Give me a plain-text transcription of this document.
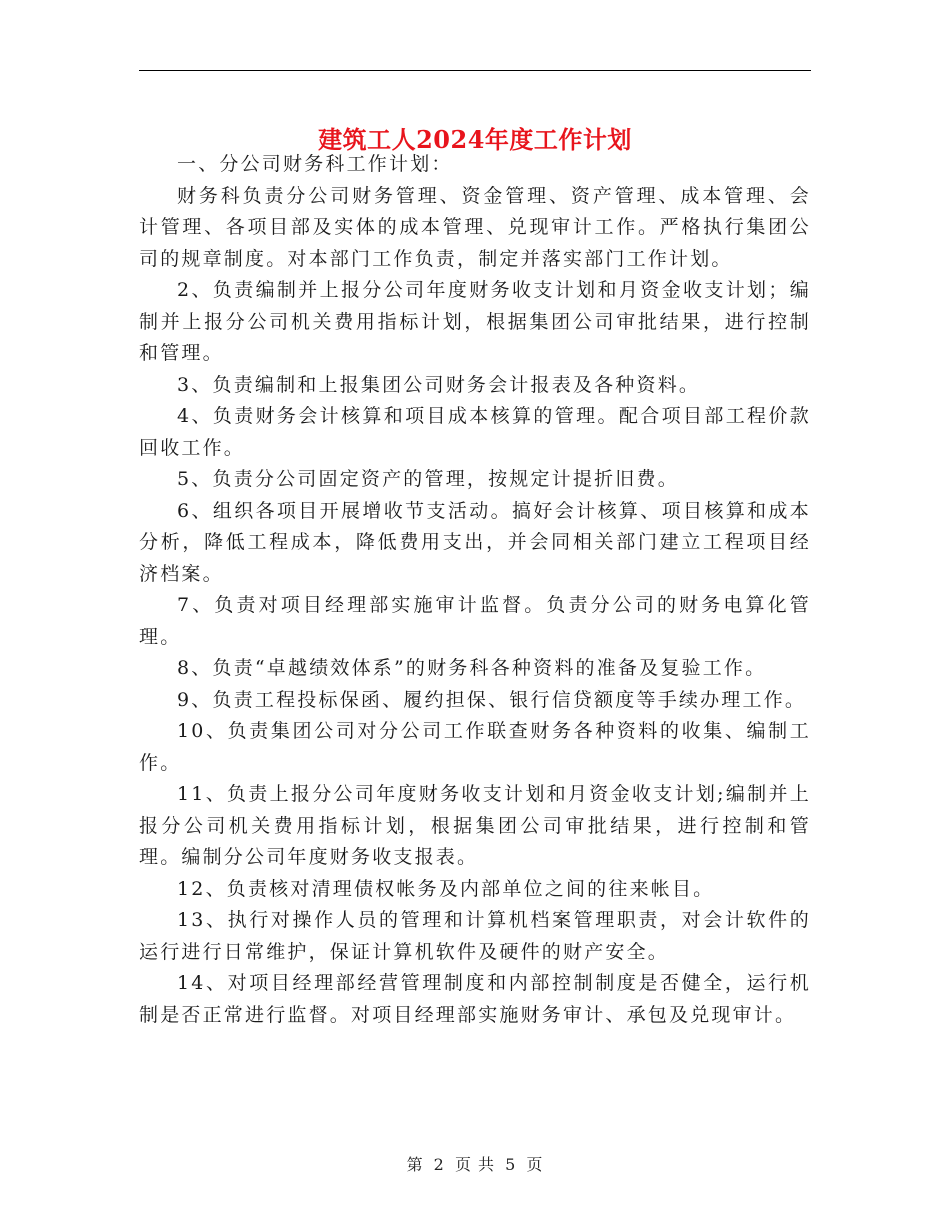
建筑工人2024年度工作计划

一、分公司财务科工作计划：

财务科负责分公司财务管理、资金管理、资产管理、成本管理、会计管理、各项目部及实体的成本管理、兑现审计工作。严格执行集团公司的规章制度。对本部门工作负责，制定并落实部门工作计划。

2、负责编制并上报分公司年度财务收支计划和月资金收支计划；编制并上报分公司机关费用指标计划，根据集团公司审批结果，进行控制和管理。

3、负责编制和上报集团公司财务会计报表及各种资料。

4、负责财务会计核算和项目成本核算的管理。配合项目部工程价款回收工作。

5、负责分公司固定资产的管理，按规定计提折旧费。

6、组织各项目开展增收节支活动。搞好会计核算、项目核算和成本分析，降低工程成本，降低费用支出，并会同相关部门建立工程项目经济档案。

7、负责对项目经理部实施审计监督。负责分公司的财务电算化管理。

8、负责“卓越绩效体系”的财务科各种资料的准备及复验工作。

9、负责工程投标保函、履约担保、银行信贷额度等手续办理工作。

10、负责集团公司对分公司工作联查财务各种资料的收集、编制工作。

11、负责上报分公司年度财务收支计划和月资金收支计划;编制并上报分公司机关费用指标计划，根据集团公司审批结果，进行控制和管理。编制分公司年度财务收支报表。

12、负责核对清理债权帐务及内部单位之间的往来帐目。

13、执行对操作人员的管理和计算机档案管理职责，对会计软件的运行进行日常维护，保证计算机软件及硬件的财产安全。

14、对项目经理部经营管理制度和内部控制制度是否健全，运行机制是否正常进行监督。对项目经理部实施财务审计、承包及兑现审计。

第 2 页 共 5 页
